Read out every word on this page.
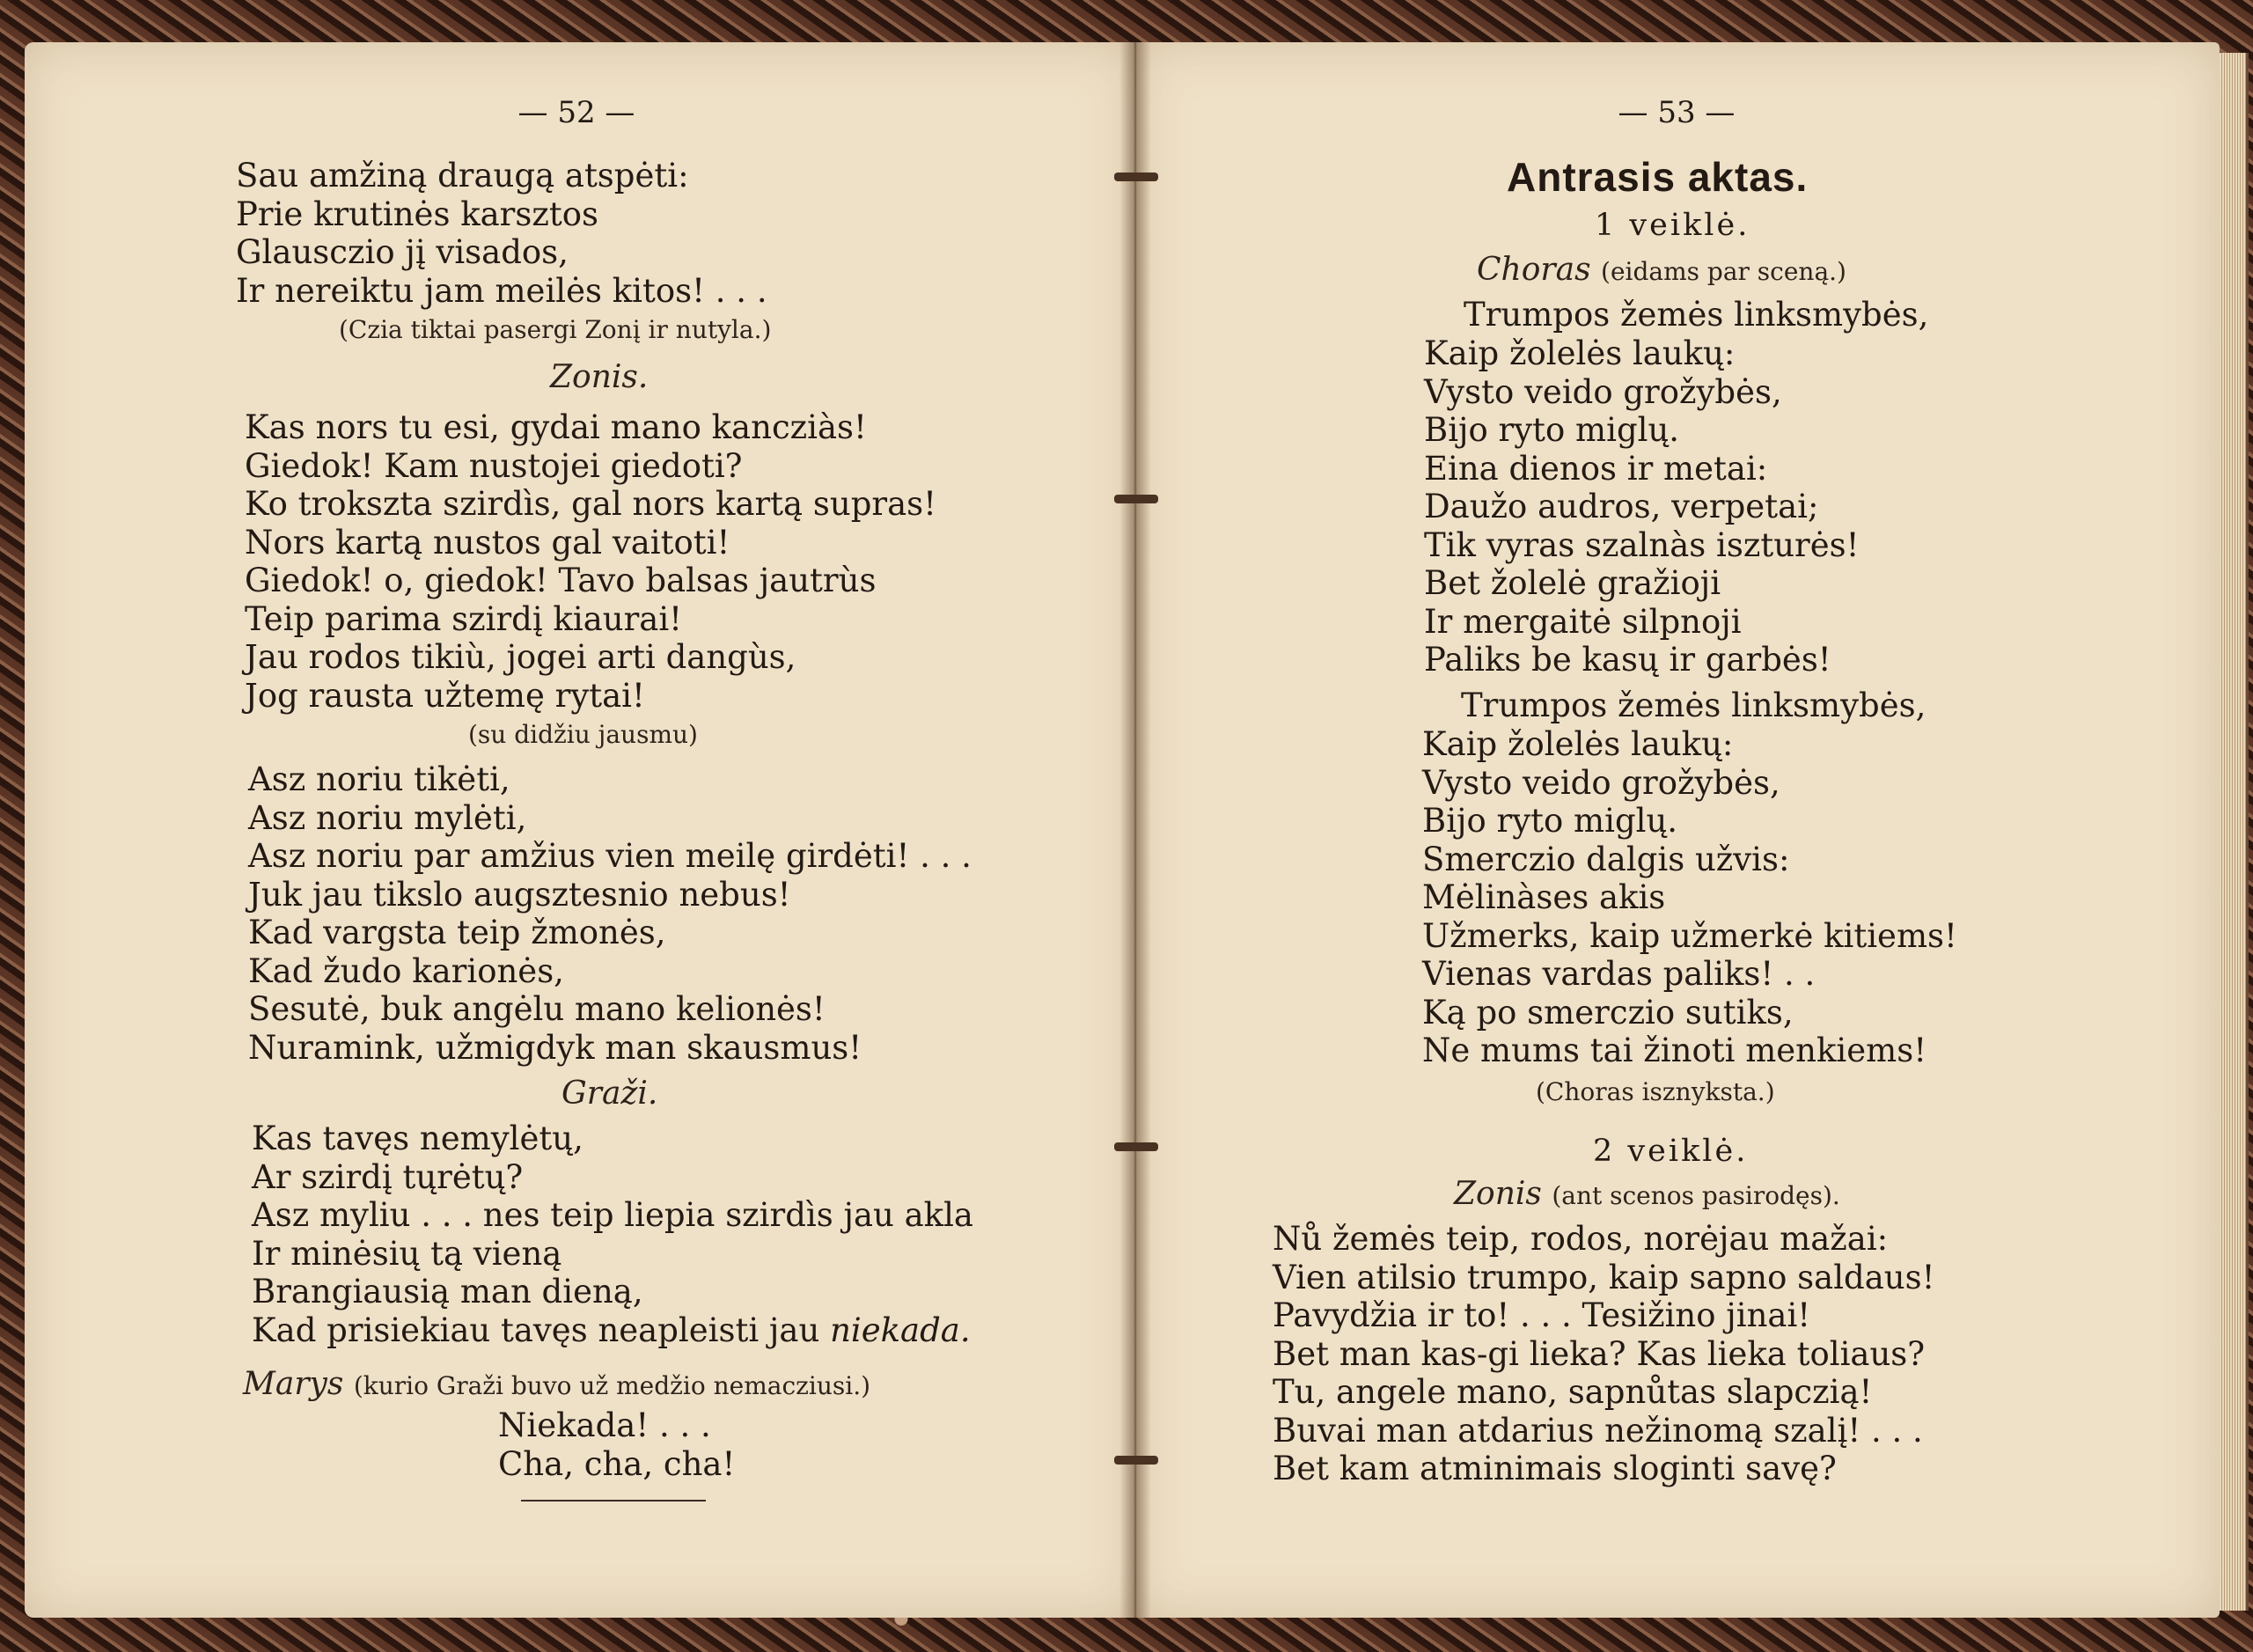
— 52 —
Sau amžiną draugą atspėti:
Prie krutinės karsztos
Glausczio jį visados,
Ir nereiktu jam meilės kitos! . . .
(Czia tiktai pasergi Zonį ir nutyla.)
Zonis.
Kas nors tu esi, gydai mano kancziàs!
Giedok! Kam nustojei giedoti?
Ko trokszta szirdìs, gal nors kartą supras!
Nors kartą nustos gal vaitoti!
Giedok! o, giedok! Tavo balsas jautrùs
Teip parima szirdį kiaurai!
Jau rodos tikiù, jogei arti dangùs,
Jog rausta užtemę rytai!
(su didžiu jausmu)
Asz noriu tikėti,
Asz noriu mylėti,
Asz noriu par amžius vien meilę girdėti! . . .
Juk jau tikslo augsztesnio nebus!
Kad vargsta teip žmonės,
Kad žudo karionės,
Sesutė, buk angėlu mano kelionės!
Nuramink, užmigdyk man skausmus!
Graži.
Kas tavęs nemylėtų,
Ar szirdį tųrėtų?
Asz myliu . . . nes teip liepia szirdìs jau akla
Ir minėsių tą vieną
Brangiausią man dieną,
Kad prisiekiau tavęs neapleisti jau niekada.
Marys (kurio Graži buvo už medžio nemacziusi.)
Niekada! . . .
Cha, cha, cha!
— 53 —
Antrasis aktas.
1 veiklė.
Choras (eidams par sceną.)
Trumpos žemės linksmybės,
Kaip žolelės laukų:
Vysto veido grožybės,
Bijo ryto miglų.
Eina dienos ir metai:
Daužo audros, verpetai;
Tik vyras szalnàs iszturės!
Bet žolelė gražioji
Ir mergaitė silpnoji
Paliks be kasų ir garbės!
Trumpos žemės linksmybės,
Kaip žolelės laukų:
Vysto veido grožybės,
Bijo ryto miglų.
Smerczio dalgis užvis:
Mėlinàses akis
Užmerks, kaip užmerkė kitiems!
Vienas vardas paliks! . .
Ką po smerczio sutiks,
Ne mums tai žinoti menkiems!
(Choras isznyksta.)
2 veiklė.
Zonis (ant scenos pasirodęs).
Nů žemės teip, rodos, norėjau mažai:
Vien atilsio trumpo, kaip sapno saldaus!
Pavydžia ir to! . . . Tesižino jinai!
Bet man kas-gi lieka? Kas lieka toliaus?
Tu, angele mano, sapnůtas slapczią!
Buvai man atdarius nežinomą szalį! . . .
Bet kam atminimais sloginti savę?
